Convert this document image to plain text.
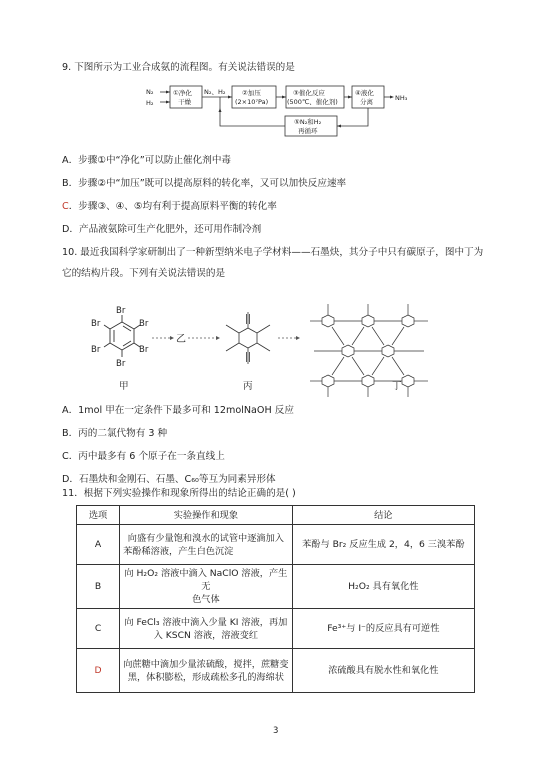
9. 下图所示为工业合成氨的流程图。有关说法错误的是
N₂
H₂
①净化
干燥
N₂、H₂	②加压
(2×10⁷Pa)
③催化反应
(500℃、催化剂)
④液化
分离	NH₃
⑤N₂和H₂
再循环
A．步骤①中“净化”可以防止催化剂中毒
B．步骤②中“加压”既可以提高原料的转化率，又可以加快反应速率
C．步骤③、④、⑤均有利于提高原料平衡的转化率
D．产品液氨除可生产化肥外，还可用作制冷剂
10. 最近我国科学家研制出了一种新型纳米电子学材料——石墨炔，其分子中只有碳原子，图中丁为
它的结构片段。下列有关说法错误的是
Br
Br
Br
Br
Br
Br
乙
甲	丙	丁
A．1mol 甲在一定条件下最多可和 12molNaOH 反应
B．丙的二氯代物有 3 种
C．丙中最多有 6 个原子在一条直线上
D．石墨炔和金刚石、石墨、C₆₀等互为同素异形体
11．根据下列实验操作和现象所得出的结论正确的是( )
选项	实验操作和现象	结论
A	向盛有少量饱和溴水的试管中逐滴加入
苯酚稀溶液，产生白色沉淀	苯酚与 Br₂ 反应生成 2，4，6 三溴苯酚
B	向 H₂O₂ 溶液中滴入 NaClO 溶液，产生无
色气体	H₂O₂ 具有氧化性
C	向 FeCl₃ 溶液中滴入少量 KI 溶液，再加
入 KSCN 溶液，溶液变红	Fe³⁺与 I⁻的反应具有可逆性
D	向蔗糖中滴加少量浓硫酸，搅拌，蔗糖变
黑，体积膨松，形成疏松多孔的海绵状	浓硫酸具有脱水性和氧化性
3
